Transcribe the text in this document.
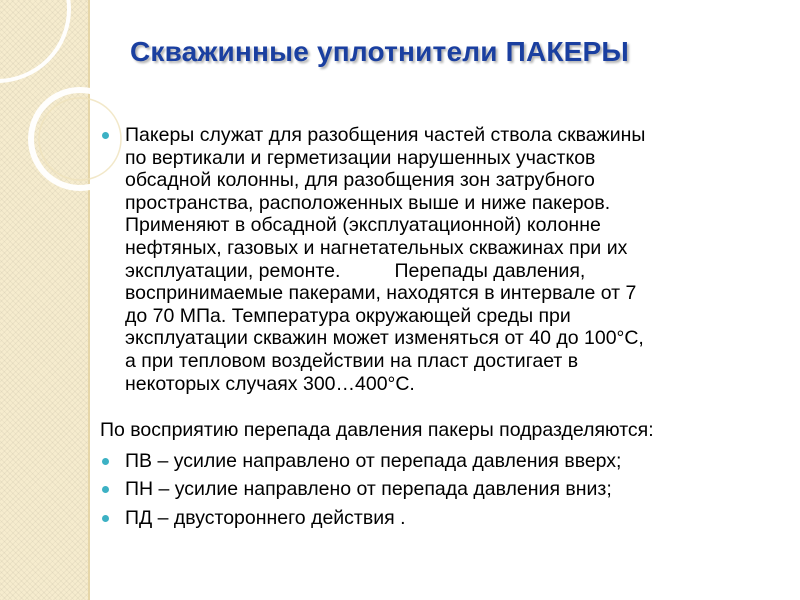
Скважинные уплотнители ПАКЕРЫ

Пакеры служат для разобщения частей ствола скважины
по вертикали и герметизации нарушенных участков
обсадной колонны, для разобщения зон затрубного
пространства, расположенных выше и ниже пакеров.
Применяют в обсадной (эксплуатационной) колонне
нефтяных, газовых и нагнетательных скважинах при их
эксплуатации, ремонте.          Перепады давления,
воспринимаемые пакерами, находятся в интервале от 7
до 70 МПа. Температура окружающей среды при
эксплуатации скважин может изменяться от 40 до 100°С,
а при тепловом воздействии на пласт достигает в
некоторых случаях 300…400°С.

По восприятию перепада давления пакеры подразделяются:
ПВ – усилие направлено от перепада давления вверх;
ПН – усилие направлено от перепада давления вниз;
ПД – двустороннего действия .
